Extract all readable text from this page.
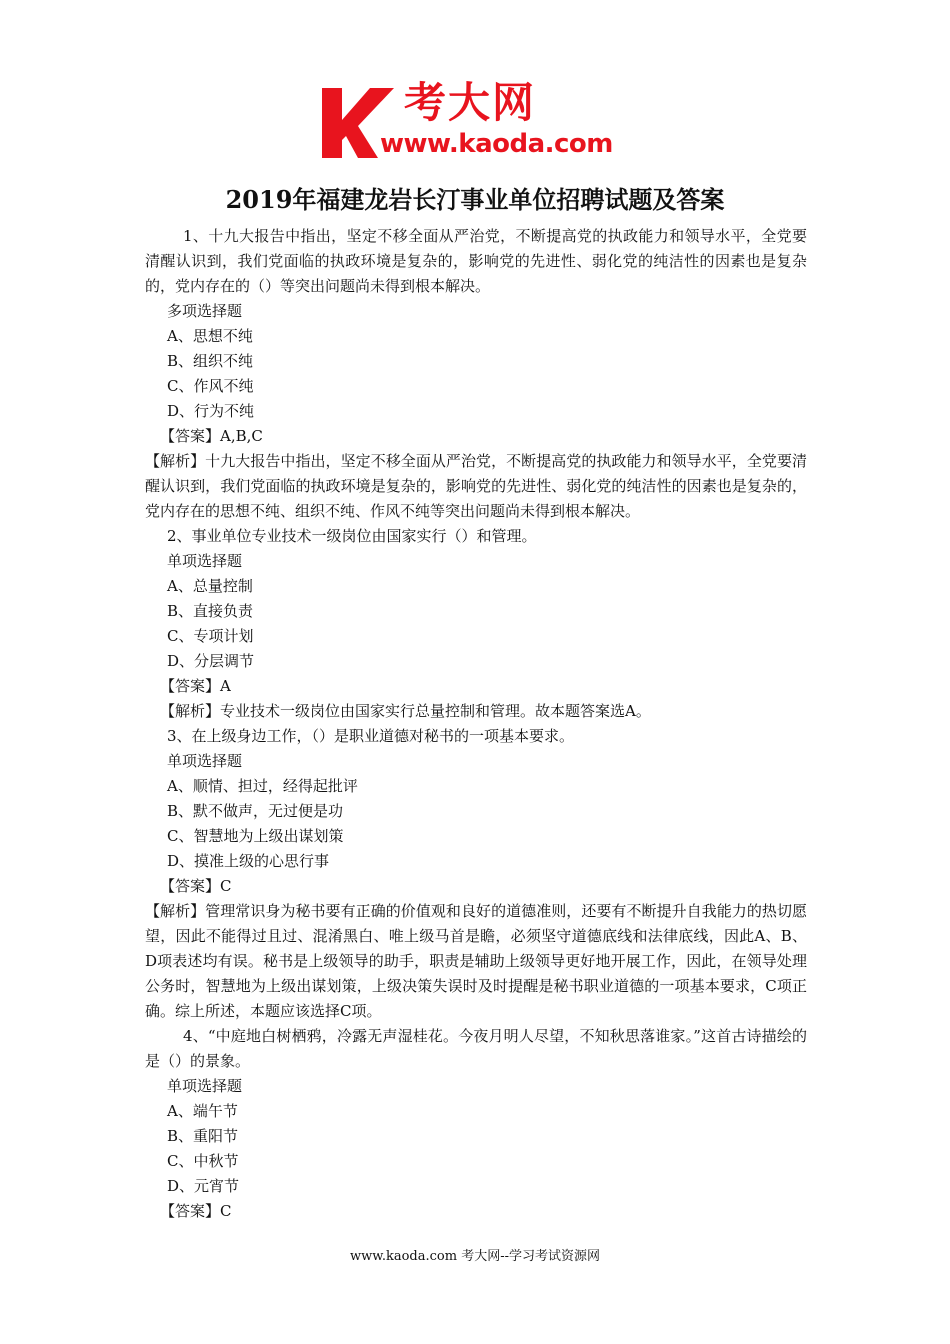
考大网
www.kaoda.com
2019年福建龙岩长汀事业单位招聘试题及答案

1、十九大报告中指出，坚定不移全面从严治党，不断提高党的执政能力和领导水平，全党要清醒认识到，我们党面临的执政环境是复杂的，影响党的先进性、弱化党的纯洁性的因素也是复杂的，党内存在的（）等突出问题尚未得到根本解决。

多项选择题

A、思想不纯

B、组织不纯

C、作风不纯

D、行为不纯

【答案】A,B,C

【解析】十九大报告中指出，坚定不移全面从严治党，不断提高党的执政能力和领导水平，全党要清醒认识到，我们党面临的执政环境是复杂的，影响党的先进性、弱化党的纯洁性的因素也是复杂的，党内存在的思想不纯、组织不纯、作风不纯等突出问题尚未得到根本解决。

2、事业单位专业技术一级岗位由国家实行（）和管理。

单项选择题

A、总量控制

B、直接负责

C、专项计划

D、分层调节

【答案】A

【解析】专业技术一级岗位由国家实行总量控制和管理。故本题答案选A。

3、在上级身边工作，（）是职业道德对秘书的一项基本要求。

单项选择题

A、顺情、担过，经得起批评

B、默不做声，无过便是功

C、智慧地为上级出谋划策

D、摸准上级的心思行事

【答案】C

【解析】管理常识身为秘书要有正确的价值观和良好的道德准则，还要有不断提升自我能力的热切愿望，因此不能得过且过、混淆黑白、唯上级马首是瞻，必须坚守道德底线和法律底线，因此A、B、D项表述均有误。秘书是上级领导的助手，职责是辅助上级领导更好地开展工作，因此，在领导处理公务时，智慧地为上级出谋划策，上级决策失误时及时提醒是秘书职业道德的一项基本要求，C项正确。综上所述，本题应该选择C项。

4、“中庭地白树栖鸦，冷露无声湿桂花。今夜月明人尽望，不知秋思落谁家。”这首古诗描绘的是（）的景象。

单项选择题

A、端午节

B、重阳节

C、中秋节

D、元宵节

【答案】C

www.kaoda.com 考大网--学习考试资源网
